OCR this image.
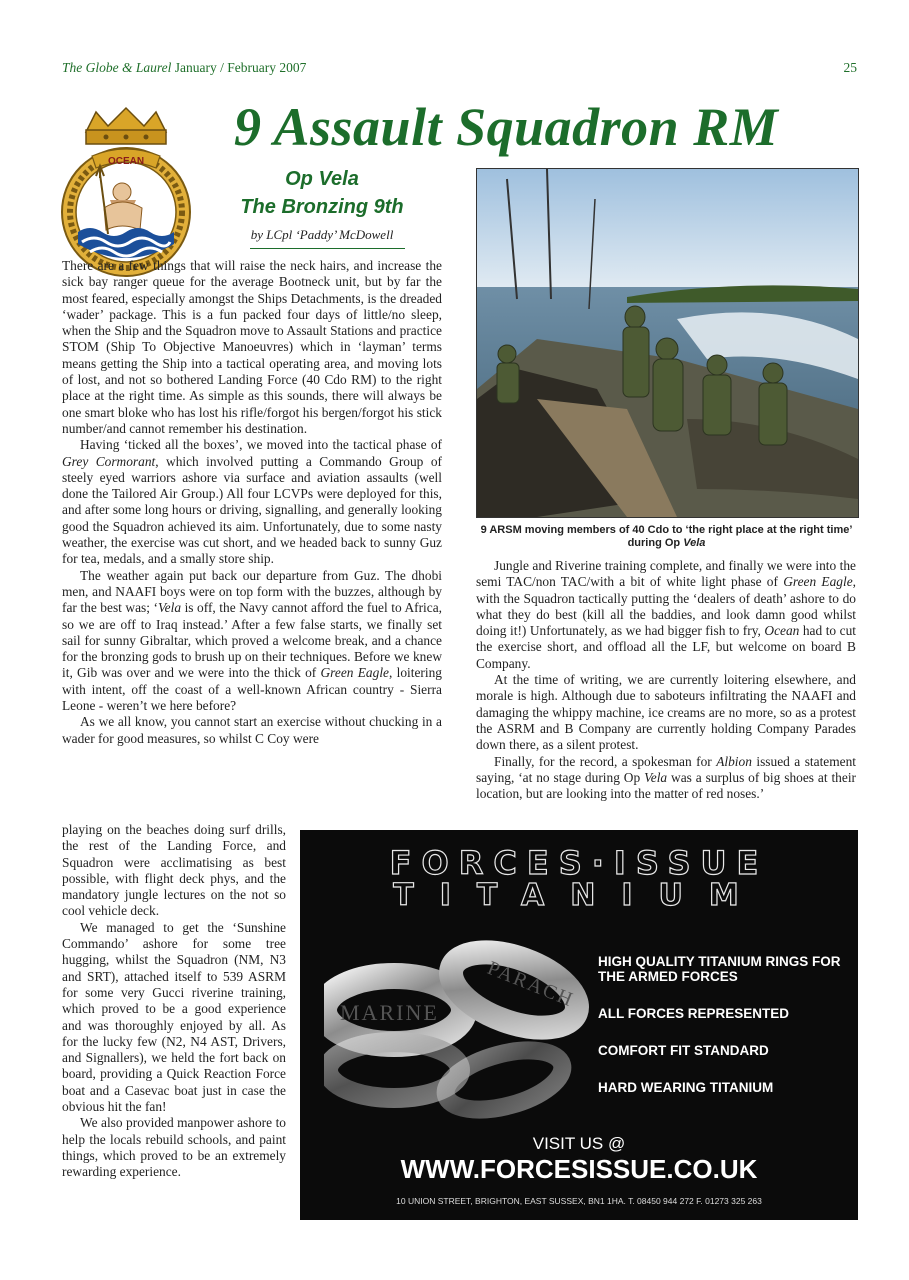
The Globe & Laurel January / February 2007	25
OCEAN
9 Assault Squadron RM
Op Vela
The Bronzing 9th
by LCpl ‘Paddy’ McDowell

There are a few things that will raise the neck hairs, and increase the sick bay ranger queue for the average Bootneck unit, but by far the most feared, especially amongst the Ships Detachments, is the dreaded ‘wader’ package. This is a fun packed four days of little/no sleep, when the Ship and the Squadron move to Assault Stations and practice STOM (Ship To Objective Manoeuvres) which in ‘layman’ terms means getting the Ship into a tactical operating area, and moving lots of lost, and not so bothered Landing Force (40 Cdo RM) to the right place at the right time. As simple as this sounds, there will always be one smart bloke who has lost his rifle/forgot his bergen/forgot his stick number/and cannot remember his destination.

Having ‘ticked all the boxes’, we moved into the tactical phase of Grey Cormorant, which involved putting a Commando Group of steely eyed warriors ashore via surface and aviation assaults (well done the Tailored Air Group.) All four LCVPs were deployed for this, and after some long hours or driving, signalling, and generally looking good the Squadron achieved its aim. Unfortunately, due to some nasty weather, the exercise was cut short, and we headed back to sunny Guz for tea, medals, and a smally store ship.

The weather again put back our departure from Guz. The dhobi men, and NAAFI boys were on top form with the buzzes, although by far the best was; ‘Vela is off, the Navy cannot afford the fuel to Africa, so we are off to Iraq instead.’ After a few false starts, we finally set sail for sunny Gibraltar, which proved a welcome break, and a chance for the bronzing gods to brush up on their techniques. Before we knew it, Gib was over and we were into the thick of Green Eagle, loitering with intent, off the coast of a well-known African country - Sierra Leone - weren’t we here before?

As we all know, you cannot start an exercise without chucking in a wader for good measures, so whilst C Coy were

playing on the beaches doing surf drills, the rest of the Landing Force, and Squadron were acclimatising as best possible, with flight deck phys, and the mandatory jungle lectures on the not so cool vehicle deck.

We managed to get the ‘Sunshine Commando’ ashore for some tree hugging, whilst the Squadron (NM, N3 and SRT), attached itself to 539 ASRM for some very Gucci riverine training, which proved to be a good experience and was thoroughly enjoyed by all. As for the lucky few (N2, N4 AST, Drivers, and Signallers), we held the fort back on board, providing a Quick Reaction Force boat and a Casevac boat just in case the obvious hit the fan!

We also provided manpower ashore to help the locals rebuild schools, and paint things, which proved to be an extremely rewarding experience.

9 ARSM moving members of 40 Cdo to ‘the right place at the right time’ during Op Vela

Jungle and Riverine training complete, and finally we were into the semi TAC/non TAC/with a bit of white light phase of Green Eagle, with the Squadron tactically putting the ‘dealers of death’ ashore to do what they do best (kill all the baddies, and look damn good whilst doing it!) Unfortunately, as we had bigger fish to fry, Ocean had to cut the exercise short, and offload all the LF, but welcome on board B Company.

At the time of writing, we are currently loitering elsewhere, and morale is high. Although due to saboteurs infiltrating the NAAFI and damaging the whippy machine, ice creams are no more, so as a protest the ASRM and B Company are currently holding Company Parades down there, as a silent protest.

Finally, for the record, a spokesman for Albion issued a statement saying, ‘at no stage during Op Vela was a surplus of big shoes at their location, but are looking into the matter of red noses.’

FORCES·ISSUE
TITANIUM
MARINE
PARACH HIGH QUALITY TITANIUM RINGS FOR THE ARMED FORCES
ALL FORCES REPRESENTED
COMFORT FIT STANDARD
HARD WEARING TITANIUM
VISIT US @
WWW.FORCESISSUE.CO.UK
10 UNION STREET, BRIGHTON, EAST SUSSEX, BN1 1HA. T. 08450 944 272 F. 01273 325 263
